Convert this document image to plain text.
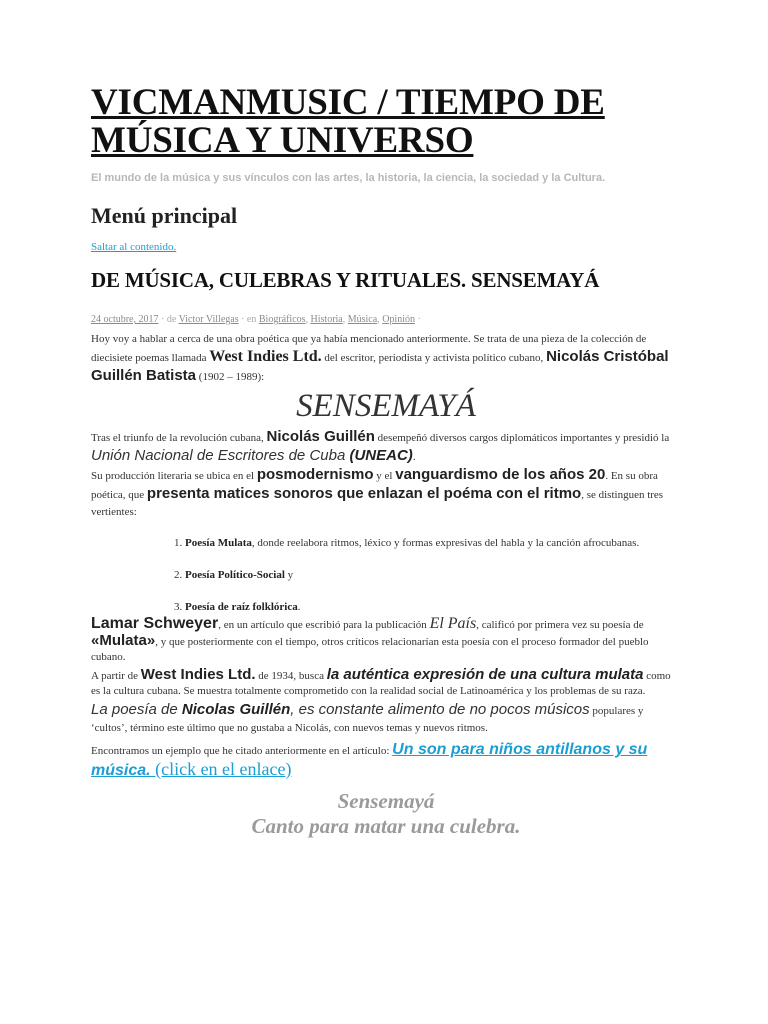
VICMANMUSIC / TIEMPO DE MÚSICA Y UNIVERSO

El mundo de la música y sus vínculos con las artes, la historia, la ciencia, la sociedad y la Cultura.

Menú principal
Saltar al contenido.
DE MÚSICA, CULEBRAS Y RITUALES. SENSEMAYÁ
24 octubre, 2017 · de Victor Villegas · en Biográficos, Historia, Música, Opinión ·

Hoy voy a hablar a cerca de una obra poética que ya había mencionado anteriormente. Se trata de una pieza de la colección de diecisiete poemas llamada West Indies Ltd. del escritor, periodista y activista político cubano, Nicolás Cristóbal Guillén Batista (1902 – 1989):

SENSEMAYÁ

Tras el triunfo de la revolución cubana, Nicolás Guillén desempeñó diversos cargos diplomáticos importantes y presidió la Unión Nacional de Escritores de Cuba (UNEAC).

Su producción literaria se ubica en el posmodernismo y el vanguardismo de los años 20. En su obra poética, que presenta matices sonoros que enlazan el poéma con el ritmo, se distinguen tres vertientes:

1. Poesía Mulata, donde reelabora ritmos, léxico y formas expresivas del habla y la canción afrocubanas.
2. Poesía Político-Social y
3. Poesía de raíz folklórica.

Lamar Schweyer, en un artículo que escribió para la publicación El País, calificó por primera vez su poesía de «Mulata», y que posteriormente con el tiempo, otros críticos relacionarían esta poesía con el proceso formador del pueblo cubano.

A partir de West Indies Ltd. de 1934, busca la auténtica expresión de una cultura mulata como es la cultura cubana. Se muestra totalmente comprometido con la realidad social de Latinoamérica y los problemas de su raza.

La poesía de Nicolas Guillén, es constante alimento de no pocos músicos populares y ‘cultos’, término este último que no gustaba a Nicolás, con nuevos temas y nuevos ritmos.

Encontramos un ejemplo que he citado anteriormente en el artículo: Un son para niños antillanos y su música. (click en el enlace)

Sensemayá
Canto para matar una culebra.
